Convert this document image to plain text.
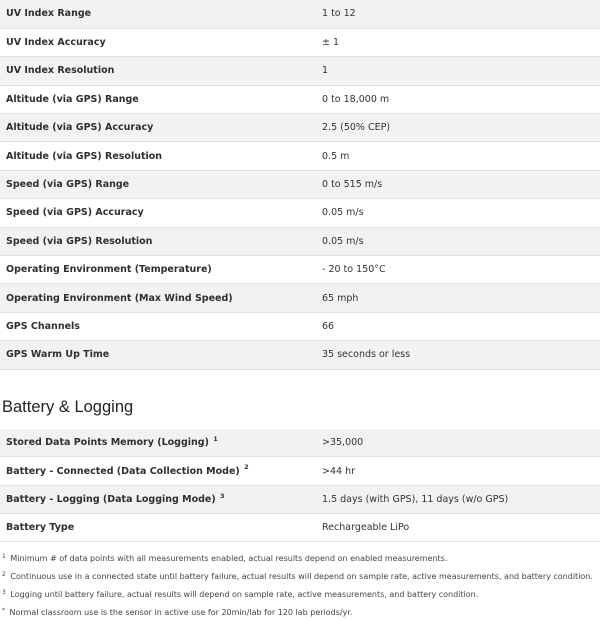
UV Index Range	1 to 12
UV Index Accuracy	± 1
UV Index Resolution	1
Altitude (via GPS) Range	0 to 18,000 m
Altitude (via GPS) Accuracy	2.5 (50% CEP)
Altitude (via GPS) Resolution	0.5 m
Speed (via GPS) Range	0 to 515 m/s
Speed (via GPS) Accuracy	0.05 m/s
Speed (via GPS) Resolution	0.05 m/s
Operating Environment (Temperature)	- 20 to 150°C
Operating Environment (Max Wind Speed)	65 mph
GPS Channels	66
GPS Warm Up Time	35 seconds or less
Battery & Logging
Stored Data Points Memory (Logging) $^1$	>35,000
Battery - Connected (Data Collection Mode) $^2$	>44 hr
Battery - Logging (Data Logging Mode) $^3$	1.5 days (with GPS), 11 days (w/o GPS)
Battery Type	Rechargeable LiPo
$^1$ Minimum # of data points with all measurements enabled, actual results depend on enabled measurements.
$^2$ Continuous use in a connected state until battery failure, actual results will depend on sample rate, active measurements, and battery condition.
$^3$ Logging until battery failure, actual results will depend on sample rate, active measurements, and battery condition.
* Normal classroom use is the sensor in active use for 20min/lab for 120 lab periods/yr.
